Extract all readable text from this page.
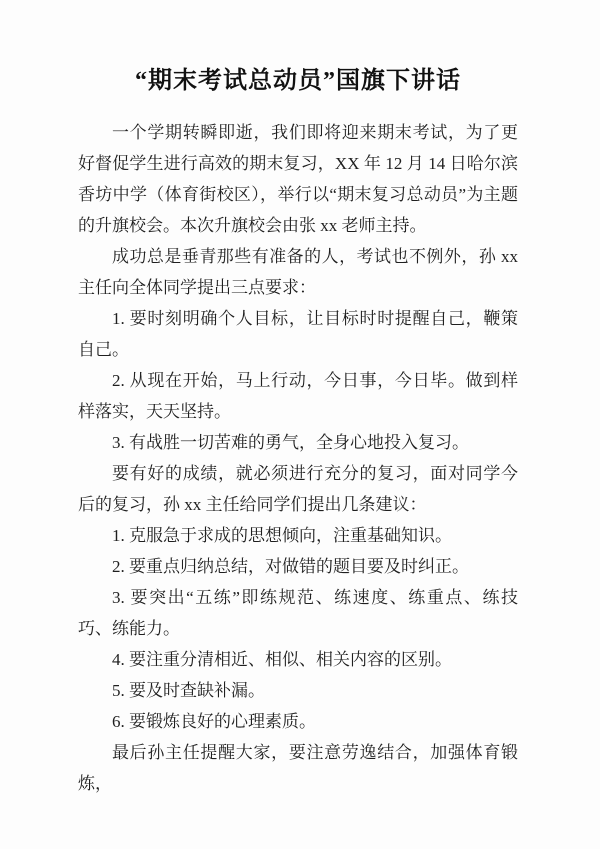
“期末考试总动员”国旗下讲话

一个学期转瞬即逝，我们即将迎来期末考试，为了更好督促学生进行高效的期末复习，XX 年 12 月 14 日哈尔滨香坊中学（体育街校区），举行以“期末复习总动员”为主题的升旗校会。本次升旗校会由张 xx 老师主持。

成功总是垂青那些有准备的人，考试也不例外，孙 xx 主任向全体同学提出三点要求：

1. 要时刻明确个人目标，让目标时时提醒自己，鞭策自己。

2. 从现在开始，马上行动，今日事，今日毕。做到样样落实，天天坚持。

3. 有战胜一切苦难的勇气，全身心地投入复习。

要有好的成绩，就必须进行充分的复习，面对同学今后的复习，孙 xx 主任给同学们提出几条建议：

1. 克服急于求成的思想倾向，注重基础知识。

2. 要重点归纳总结，对做错的题目要及时纠正。

3. 要突出“五练”即练规范、练速度、练重点、练技巧、练能力。

4. 要注重分清相近、相似、相关内容的区别。

5. 要及时查缺补漏。

6. 要锻炼良好的心理素质。

最后孙主任提醒大家，要注意劳逸结合，加强体育锻炼，
